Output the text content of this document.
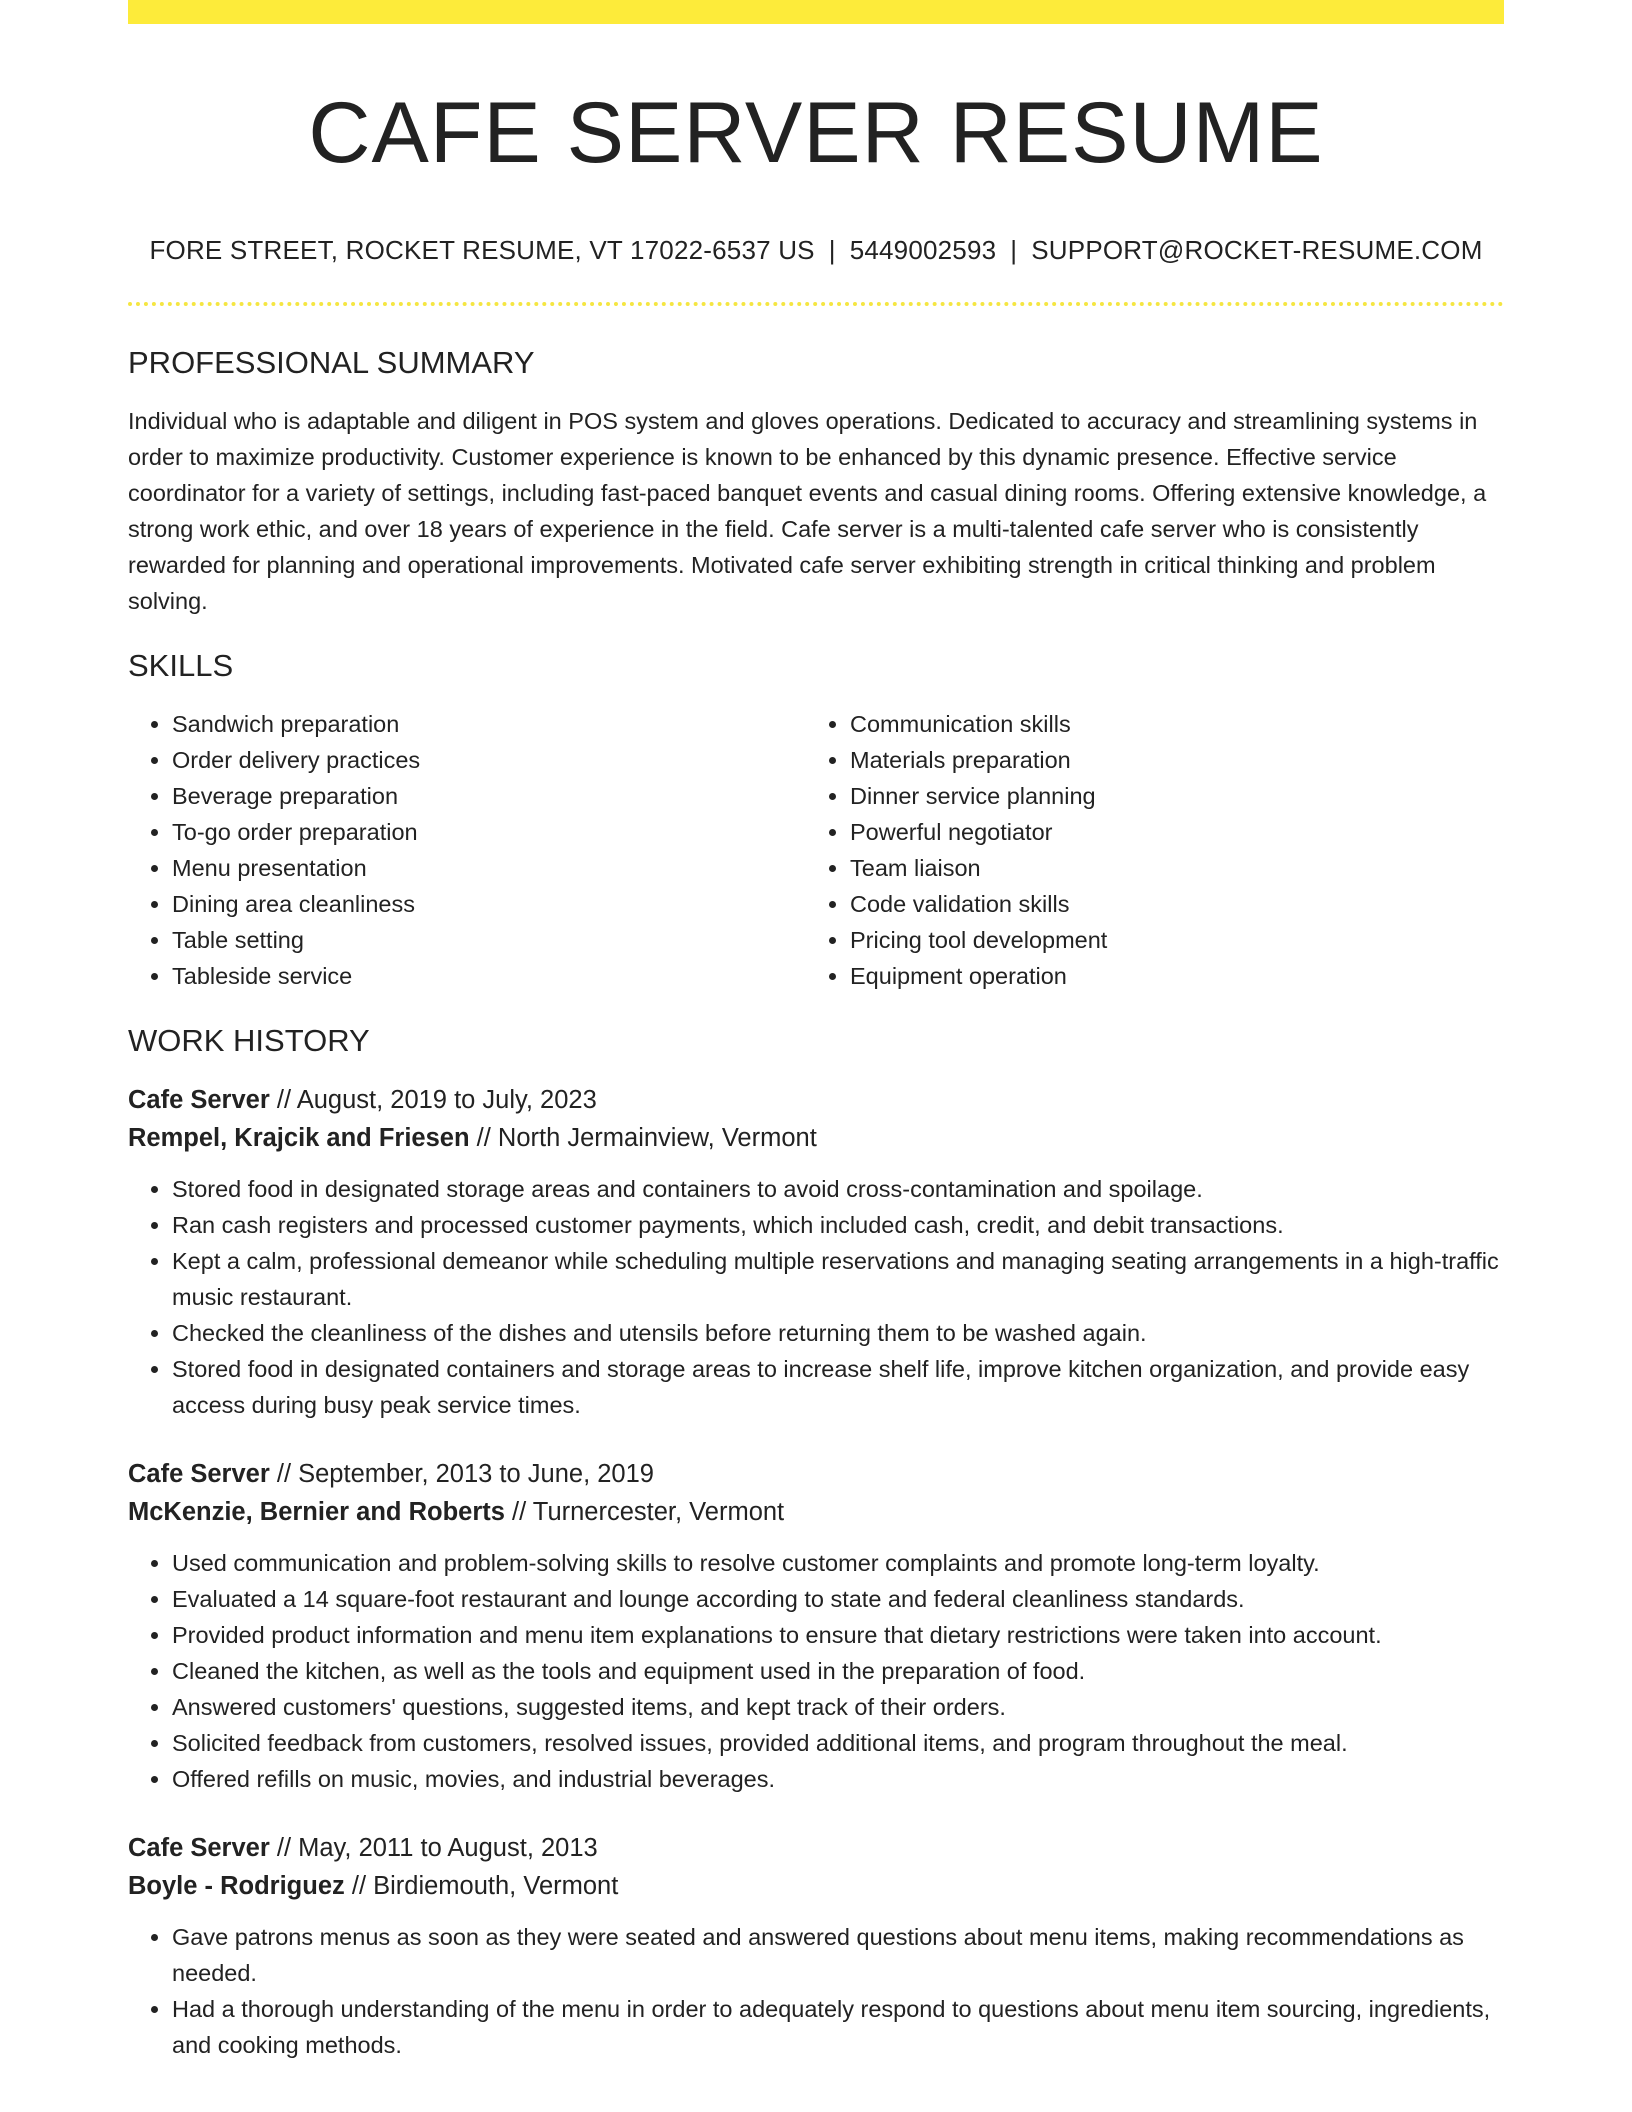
CAFE SERVER RESUME
FORE STREET, ROCKET RESUME, VT 17022-6537 US | 5449002593 | SUPPORT@ROCKET-RESUME.COM
PROFESSIONAL SUMMARY

Individual who is adaptable and diligent in POS system and gloves operations. Dedicated to accuracy and streamlining systems in order to maximize productivity. Customer experience is known to be enhanced by this dynamic presence. Effective service coordinator for a variety of settings, including fast-paced banquet events and casual dining rooms. Offering extensive knowledge, a strong work ethic, and over 18 years of experience in the field. Cafe server is a multi-talented cafe server who is consistently rewarded for planning and operational improvements. Motivated cafe server exhibiting strength in critical thinking and problem solving.

SKILLS
• Sandwich preparation
• Order delivery practices
• Beverage preparation
• To-go order preparation
• Menu presentation
• Dining area cleanliness
• Table setting
• Tableside service
• Communication skills
• Materials preparation
• Dinner service planning
• Powerful negotiator
• Team liaison
• Code validation skills
• Pricing tool development
• Equipment operation
WORK HISTORY
Cafe Server // August, 2019 to July, 2023
Rempel, Krajcik and Friesen // North Jermainview, Vermont
• Stored food in designated storage areas and containers to avoid cross-contamination and spoilage.
• Ran cash registers and processed customer payments, which included cash, credit, and debit transactions.
• Kept a calm, professional demeanor while scheduling multiple reservations and managing seating arrangements in a high-traffic music restaurant.
• Checked the cleanliness of the dishes and utensils before returning them to be washed again.
• Stored food in designated containers and storage areas to increase shelf life, improve kitchen organization, and provide easy access during busy peak service times.
Cafe Server // September, 2013 to June, 2019
McKenzie, Bernier and Roberts // Turnercester, Vermont
• Used communication and problem-solving skills to resolve customer complaints and promote long-term loyalty.
• Evaluated a 14 square-foot restaurant and lounge according to state and federal cleanliness standards.
• Provided product information and menu item explanations to ensure that dietary restrictions were taken into account.
• Cleaned the kitchen, as well as the tools and equipment used in the preparation of food.
• Answered customers' questions, suggested items, and kept track of their orders.
• Solicited feedback from customers, resolved issues, provided additional items, and program throughout the meal.
• Offered refills on music, movies, and industrial beverages.
Cafe Server // May, 2011 to August, 2013
Boyle - Rodriguez // Birdiemouth, Vermont
• Gave patrons menus as soon as they were seated and answered questions about menu items, making recommendations as needed.
• Had a thorough understanding of the menu in order to adequately respond to questions about menu item sourcing, ingredients, and cooking methods.
